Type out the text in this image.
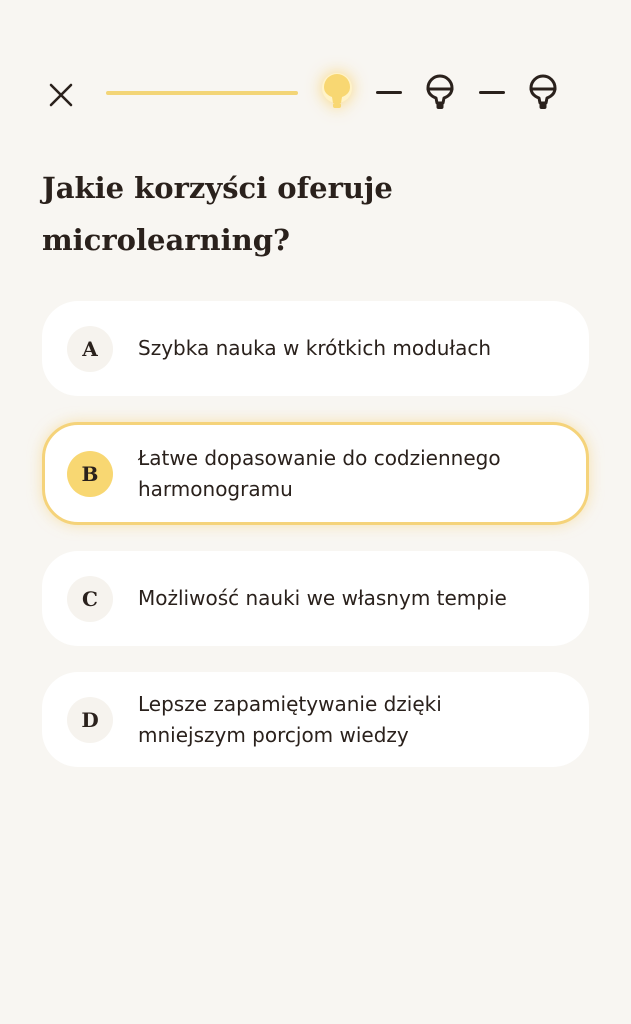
Jakie korzyści oferuje microlearning?
A	Szybka nauka w krótkich modułach
B
Łatwe dopasowanie do codziennego harmonogramu
C	Możliwość nauki we własnym tempie
D
Lepsze zapamiętywanie dzięki mniejszym porcjom wiedzy
